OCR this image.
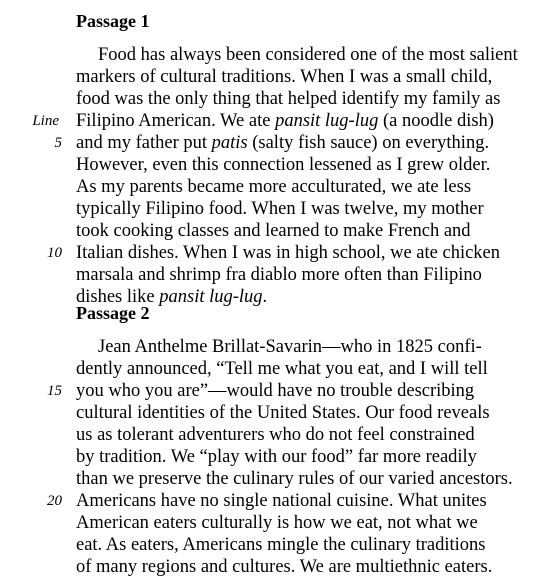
Passage 1
Food has always been considered one of the most salient
markers of cultural traditions. When I was a small child,
food was the only thing that helped identify my family as
Filipino American. We ate pansit lug-lug (a noodle dish)
and my father put patis (salty fish sauce) on everything.
However, even this connection lessened as I grew older.
As my parents became more acculturated, we ate less
typically Filipino food. When I was twelve, my mother
took cooking classes and learned to make French and
Italian dishes. When I was in high school, we ate chicken
marsala and shrimp fra diablo more often than Filipino
dishes like pansit lug-lug.
Passage 2
Jean Anthelme Brillat-Savarin—who in 1825 confi-
dently announced, “Tell me what you eat, and I will tell
you who you are”—would have no trouble describing
cultural identities of the United States. Our food reveals
us as tolerant adventurers who do not feel constrained
by tradition. We “play with our food” far more readily
than we preserve the culinary rules of our varied ancestors.
Americans have no single national cuisine. What unites
American eaters culturally is how we eat, not what we
eat. As eaters, Americans mingle the culinary traditions
of many regions and cultures. We are multiethnic eaters.
Line
5
10
15
20
